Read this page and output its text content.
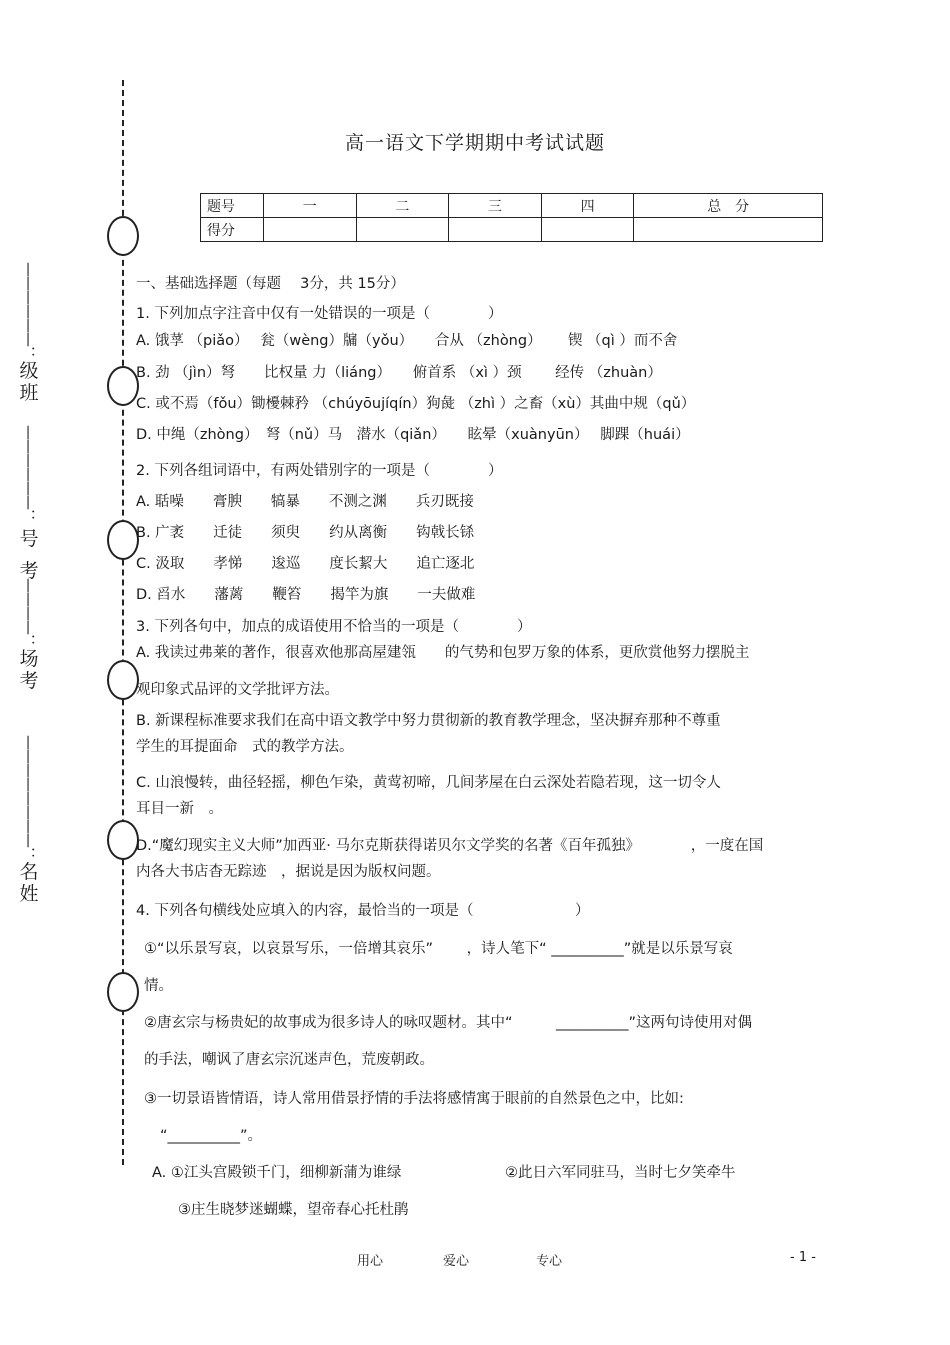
——————：
级班
——————：
号考
————：
场考
————————：
名姓
高一语文下学期期中考试试题
题号	一	二	三	四	总　分
得分					
一、基础选择题（每题　 3分，共 15分）
1. 下列加点字注音中仅有一处错误的一项是（　　　　）
A. 饿莩 （piǎo）　 瓮（wèng）牖（yǒu）　　合从 （zhòng）　　 锲 （qì ）而不舍
B. 劲 （jìn）弩　　比权量 力（liáng）　　俯首系 （xì ）颈　　 经传 （zhuàn）
C. 或不焉（fǒu）锄櫌棘矜 （chúyōujíqín）狗彘 （zhì ）之畜（xù）其曲中规（qǔ）
D. 中绳（zhòng）　弩（nǔ）马　潜水（qiǎn）　　眩晕（xuànyūn）　 脚踝（huái）
2. 下列各组词语中，有两处错别字的一项是（　　　　）
A. 聒噪　　膏腴　　犒暴　　不测之渊　　兵刃既接
B. 广袤　　迁徒　　须臾　　约从离衡　　钩戟长铩
C. 汲取　　孝悌　　逡巡　　度长絜大　　追亡逐北
D. 舀水　　藩蓠　　鞭笞　　揭竿为旗　　一夫做难
3. 下列各句中，加点的成语使用不恰当的一项是（　　　　）
A. 我读过弗莱的著作，很喜欢他那高屋建瓴　　的气势和包罗万象的体系，更欣赏他努力摆脱主
观印象式品评的文学批评方法。
B. 新课程标准要求我们在高中语文教学中努力贯彻新的教育教学理念，坚决摒弃那种不尊重
学生的耳提面命　式的教学方法。
C. 山浪慢转，曲径轻摇，柳色乍染，黄莺初啼，几间茅屋在白云深处若隐若现，这一切令人
耳目一新　。
D.“魔幻现实主义大师”加西亚· 马尔克斯获得诺贝尔文学奖的名著《百年孤独》　　　　，一度在国
内各大书店杳无踪迹　，据说是因为版权问题。
4. 下列各句横线处应填入的内容，最恰当的一项是（　　　　　　　）
①“以乐景写哀，以哀景写乐，一倍增其哀乐”　　 ，诗人笔下“ __________”就是以乐景写哀
情。
②唐玄宗与杨贵妃的故事成为很多诗人的咏叹题材。其中“　　　__________”这两句诗使用对偶
的手法，嘲讽了唐玄宗沉迷声色，荒废朝政。
③一切景语皆情语，诗人常用借景抒情的手法将感情寓于眼前的自然景色之中，比如:
“__________”。
A. ①江头宫殿锁千门，细柳新蒲为谁绿	②此日六军同驻马，当时七夕笑牵牛
③庄生晓梦迷蝴蝶，望帝春心托杜鹃
用心	爱心	专心	- 1 -
